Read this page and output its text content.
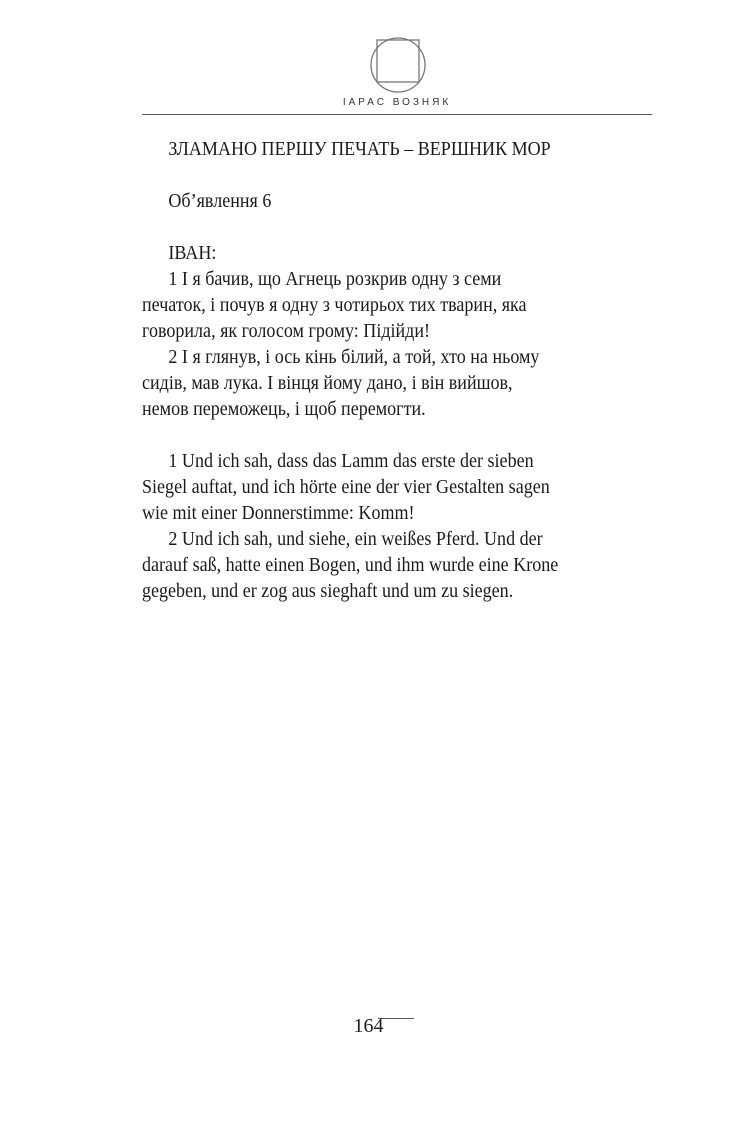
ІАРАС ВОЗНЯК
ЗЛАМАНО ПЕРШУ ПЕЧАТЬ – ВЕРШНИК МОР
Об’явлення 6
ІВАН:
1 І я бачив, що Агнець розкрив одну з семи
печаток, і почув я одну з чотирьох тих тварин, яка
говорила, як голосом грому: Підійди!
2 І я глянув, і ось кінь білий, а той, хто на ньому
сидів, мав лука. І вінця йому дано, і він вийшов,
немов переможець, і щоб перемогти.
1 Und ich sah, dass das Lamm das erste der sieben
Siegel auftat, und ich hörte eine der vier Gestalten sagen
wie mit einer Donnerstimme: Komm!
2 Und ich sah, und siehe, ein weißes Pferd. Und der
darauf saß, hatte einen Bogen, und ihm wurde eine Krone
gegeben, und er zog aus sieghaft und um zu siegen.
164
